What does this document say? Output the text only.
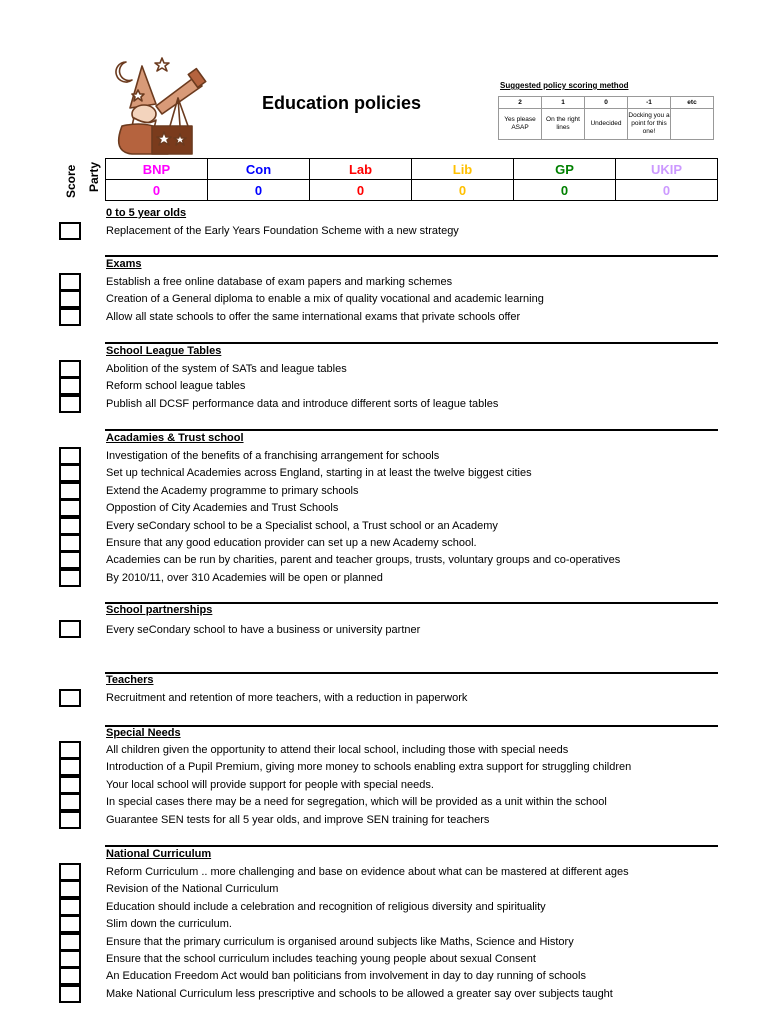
Education policies
Suggested policy scoring method
2	1	0	-1	etc
Yes please ASAP	On the right lines	Undecided	Docking you a point for this one!	
Score Party	BNP	Con	Lab	Lib	GP	UKIP
0	0	0	0	0	0
0 to 5 year olds
Replacement of the Early Years Foundation Scheme with a new strategy
Exams
Establish a free online database of exam papers and marking schemes
Creation of a General diploma to enable a mix of quality vocational and academic learning
Allow all state schools to offer the same international exams that private schools offer
School League Tables
Abolition of the system of SATs and league tables
Reform school league tables
Publish all DCSF performance data and introduce different sorts of league tables
Acadamies & Trust school
Investigation of the benefits of a franchising arrangement for schools
Set up technical Academies across England, starting in at least the twelve biggest cities
Extend the Academy programme to primary schools
Oppostion of City Academies and Trust Schools
Every seCondary school to be a Specialist school, a Trust school or an Academy
Ensure that any good education provider can set up a new Academy school.
Academies can be run by charities, parent and teacher groups, trusts, voluntary groups and co-operatives
By 2010/11, over 310 Academies will be open or planned
School partnerships
Every seCondary school to have a business or university partner
Teachers
Recruitment and retention of more teachers, with a reduction in paperwork
Special Needs
All children given the opportunity to attend their local school, including those with special needs
Introduction of a Pupil Premium, giving more money to schools enabling extra support for struggling children
Your local school will provide support for people with special needs.
In special cases there may be a need for segregation, which will be provided as a unit within the school
Guarantee SEN tests for all 5 year olds, and improve SEN training for teachers
National Curriculum
Reform Curriculum .. more challenging and base on evidence about what can be mastered at different ages
Revision of the National Curriculum
Education should include a celebration and recognition of religious diversity and spirituality
Slim down the curriculum.
Ensure that the primary curriculum is organised around subjects like Maths, Science and History
Ensure that the school curriculum includes teaching young people about sexual Consent
An Education Freedom Act would ban politicians from involvement in day to day running of schools
Make National Curriculum less prescriptive and schools to be allowed a greater say over subjects taught
